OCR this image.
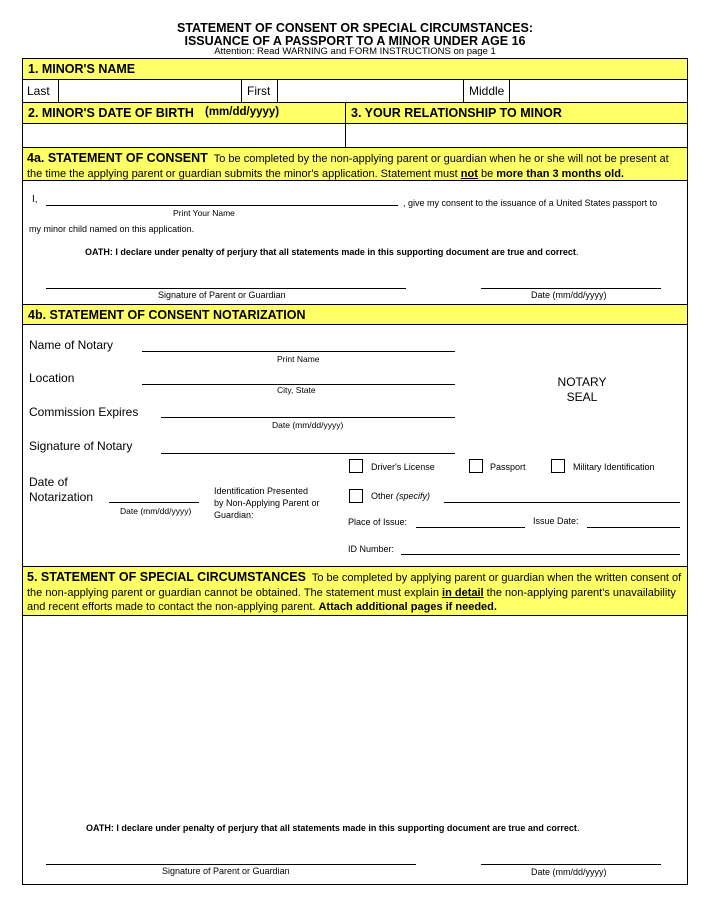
STATEMENT OF CONSENT OR SPECIAL CIRCUMSTANCES:
ISSUANCE OF A PASSPORT TO A MINOR UNDER AGE 16
Attention: Read WARNING and FORM INSTRUCTIONS on page 1
1. MINOR'S NAME
Last	First	Middle
2. MINOR'S DATE OF BIRTH (mm/dd/yyyy)	3. YOUR RELATIONSHIP TO MINOR
4a. STATEMENT OF CONSENT To be completed by the non-applying parent or guardian when he or she will not be present at the time the applying parent or guardian submits the minor's application. Statement must not be more than 3 months old.
I,	, give my consent to the issuance of a United States passport to
Print Your Name
my minor child named on this application.
OATH: I declare under penalty of perjury that all statements made in this supporting document are true and correct.
Signature of Parent or Guardian	Date (mm/dd/yyyy)
4b. STATEMENT OF CONSENT NOTARIZATION
Name of Notary
Print Name
Location
City, State
Commission Expires
Date (mm/dd/yyyy)
Signature of Notary
NOTARY
SEAL
Date of
Notarization
Date (mm/dd/yyyy)
Identification Presented
by Non-Applying Parent or
Guardian:
Driver's License	Passport	Military Identification
Other (specify)
Place of Issue:	Issue Date:
ID Number:
5. STATEMENT OF SPECIAL CIRCUMSTANCES To be completed by applying parent or guardian when the written consent of the non-applying parent or guardian cannot be obtained. The statement must explain in detail the non-applying parent's unavailability and recent efforts made to contact the non-applying parent. Attach additional pages if needed.
OATH: I declare under penalty of perjury that all statements made in this supporting document are true and correct.
Signature of Parent or Guardian	Date (mm/dd/yyyy)
